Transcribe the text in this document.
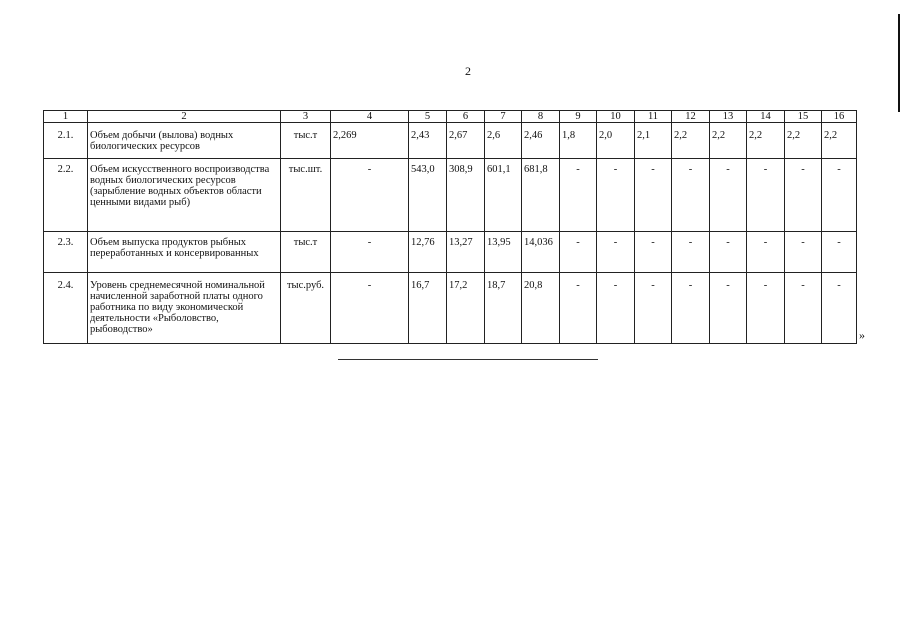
2
1	2	3	4	5	6	7	8	9	10	11	12	13	14	15	16
2.1.	Объем добычи (вылова) водных биологических ресурсов	тыс.т	2,269	2,43	2,67	2,6	2,46	1,8	2,0	2,1	2,2	2,2	2,2	2,2	2,2
2.2.	Объем искусственного воспроизводства водных биологических ресурсов (зарыбление водных объектов области ценными видами рыб)	тыс.шт.	-	543,0	308,9	601,1	681,8	-	-	-	-	-	-	-	-
2.3.	Объем выпуска продуктов рыбных переработанных и консервированных	тыс.т	-	12,76	13,27	13,95	14,036	-	-	-	-	-	-	-	-
2.4.	Уровень среднемесячной номинальной начисленной заработной платы одного работника по виду экономической деятельности «Рыболовство, рыбоводство»	тыс.руб.	-	16,7	17,2	18,7	20,8	-	-	-	-	-	-	-	-
»
